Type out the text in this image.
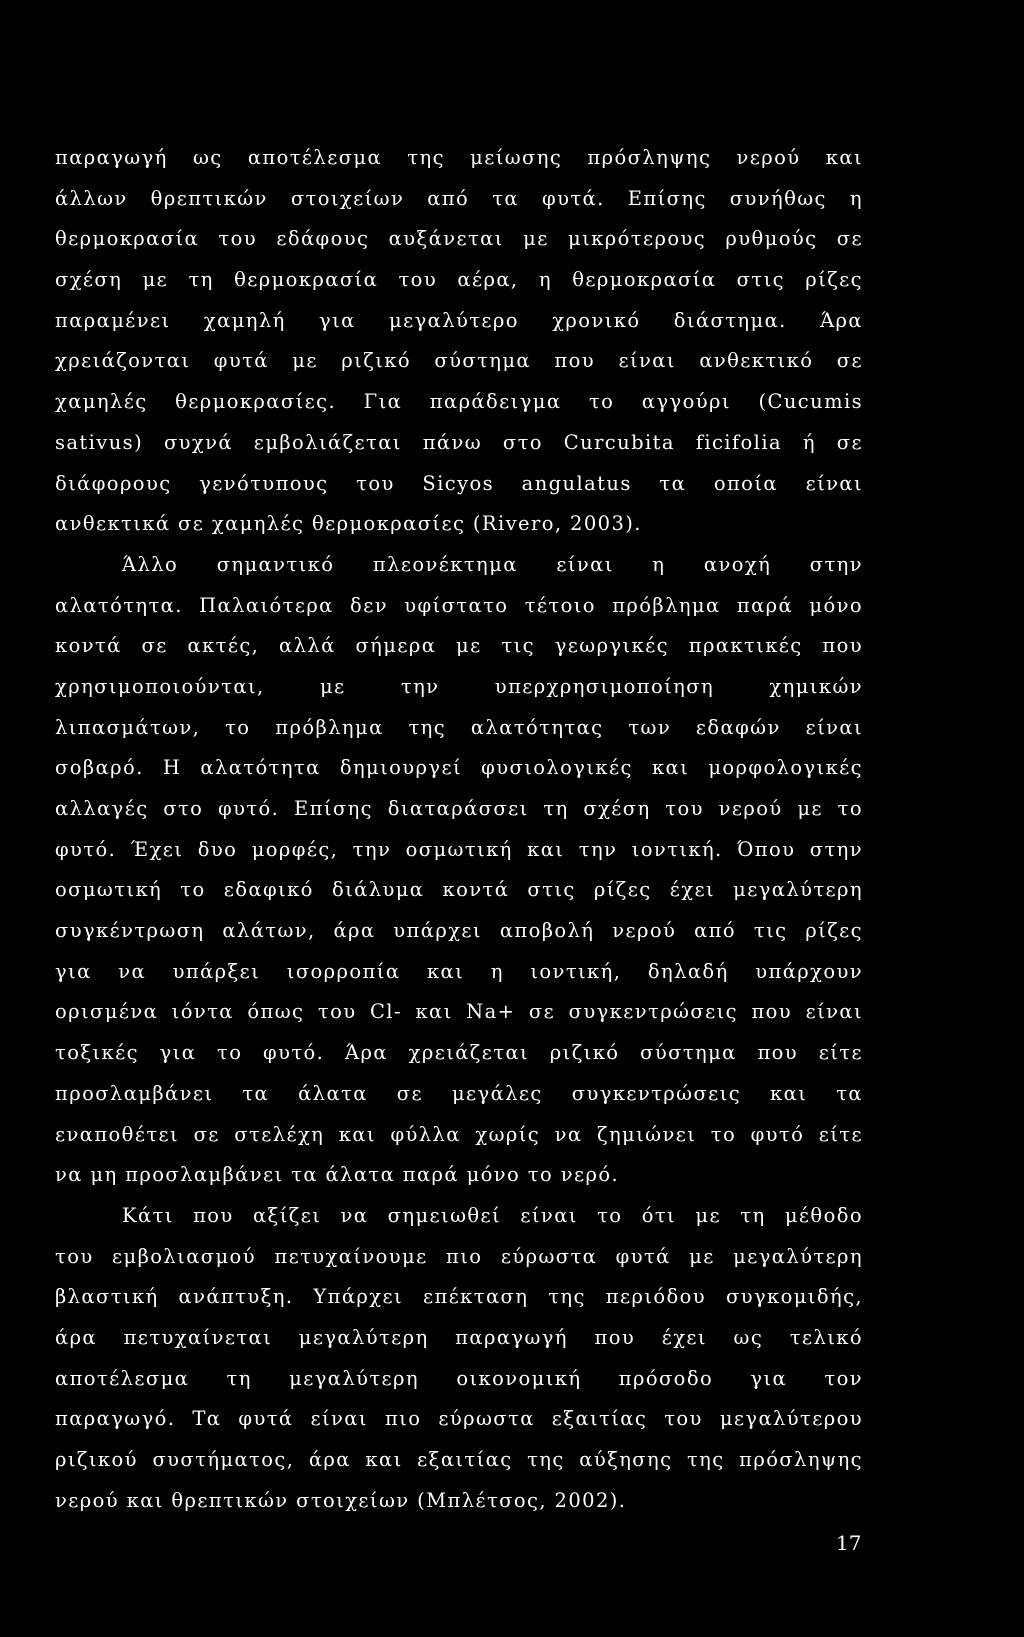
παραγωγή ως αποτέλεσμα της μείωσης πρόσληψης νερού και
άλλων θρεπτικών στοιχείων από τα φυτά. Επίσης συνήθως η
θερμοκρασία του εδάφους αυξάνεται με μικρότερους ρυθμούς σε
σχέση με τη θερμοκρασία του αέρα, η θερμοκρασία στις ρίζες
παραμένει χαμηλή για μεγαλύτερο χρονικό διάστημα. Άρα
χρειάζονται φυτά με ριζικό σύστημα που είναι ανθεκτικό σε
χαμηλές θερμοκρασίες. Για παράδειγμα το αγγούρι (Cucumis
sativus) συχνά εμβολιάζεται πάνω στο Curcubita ficifolia ή σε
διάφορους γενότυπους του Sicyos angulatus τα οποία είναι
ανθεκτικά σε χαμηλές θερμοκρασίες (Rivero, 2003).
Άλλο σημαντικό πλεονέκτημα είναι η ανοχή στην
αλατότητα. Παλαιότερα δεν υφίστατο τέτοιο πρόβλημα παρά μόνο
κοντά σε ακτές, αλλά σήμερα με τις γεωργικές πρακτικές που
χρησιμοποιούνται, με την υπερχρησιμοποίηση χημικών
λιπασμάτων, το πρόβλημα της αλατότητας των εδαφών είναι
σοβαρό. Η αλατότητα δημιουργεί φυσιολογικές και μορφολογικές
αλλαγές στο φυτό. Επίσης διαταράσσει τη σχέση του νερού με το
φυτό. Έχει δυο μορφές, την οσμωτική και την ιοντική. Όπου στην
οσμωτική το εδαφικό διάλυμα κοντά στις ρίζες έχει μεγαλύτερη
συγκέντρωση αλάτων, άρα υπάρχει αποβολή νερού από τις ρίζες
για να υπάρξει ισορροπία και η ιοντική, δηλαδή υπάρχουν
ορισμένα ιόντα όπως του Cl- και Na+ σε συγκεντρώσεις που είναι
τοξικές για το φυτό. Άρα χρειάζεται ριζικό σύστημα που είτε
προσλαμβάνει τα άλατα σε μεγάλες συγκεντρώσεις και τα
εναποθέτει σε στελέχη και φύλλα χωρίς να ζημιώνει το φυτό είτε
να μη προσλαμβάνει τα άλατα παρά μόνο το νερό.
Κάτι που αξίζει να σημειωθεί είναι το ότι με τη μέθοδο
του εμβολιασμού πετυχαίνουμε πιο εύρωστα φυτά με μεγαλύτερη
βλαστική ανάπτυξη. Υπάρχει επέκταση της περιόδου συγκομιδής,
άρα πετυχαίνεται μεγαλύτερη παραγωγή που έχει ως τελικό
αποτέλεσμα τη μεγαλύτερη οικονομική πρόσοδο για τον
παραγωγό. Τα φυτά είναι πιο εύρωστα εξαιτίας του μεγαλύτερου
ριζικού συστήματος, άρα και εξαιτίας της αύξησης της πρόσληψης
νερού και θρεπτικών στοιχείων (Μπλέτσος, 2002).
17
